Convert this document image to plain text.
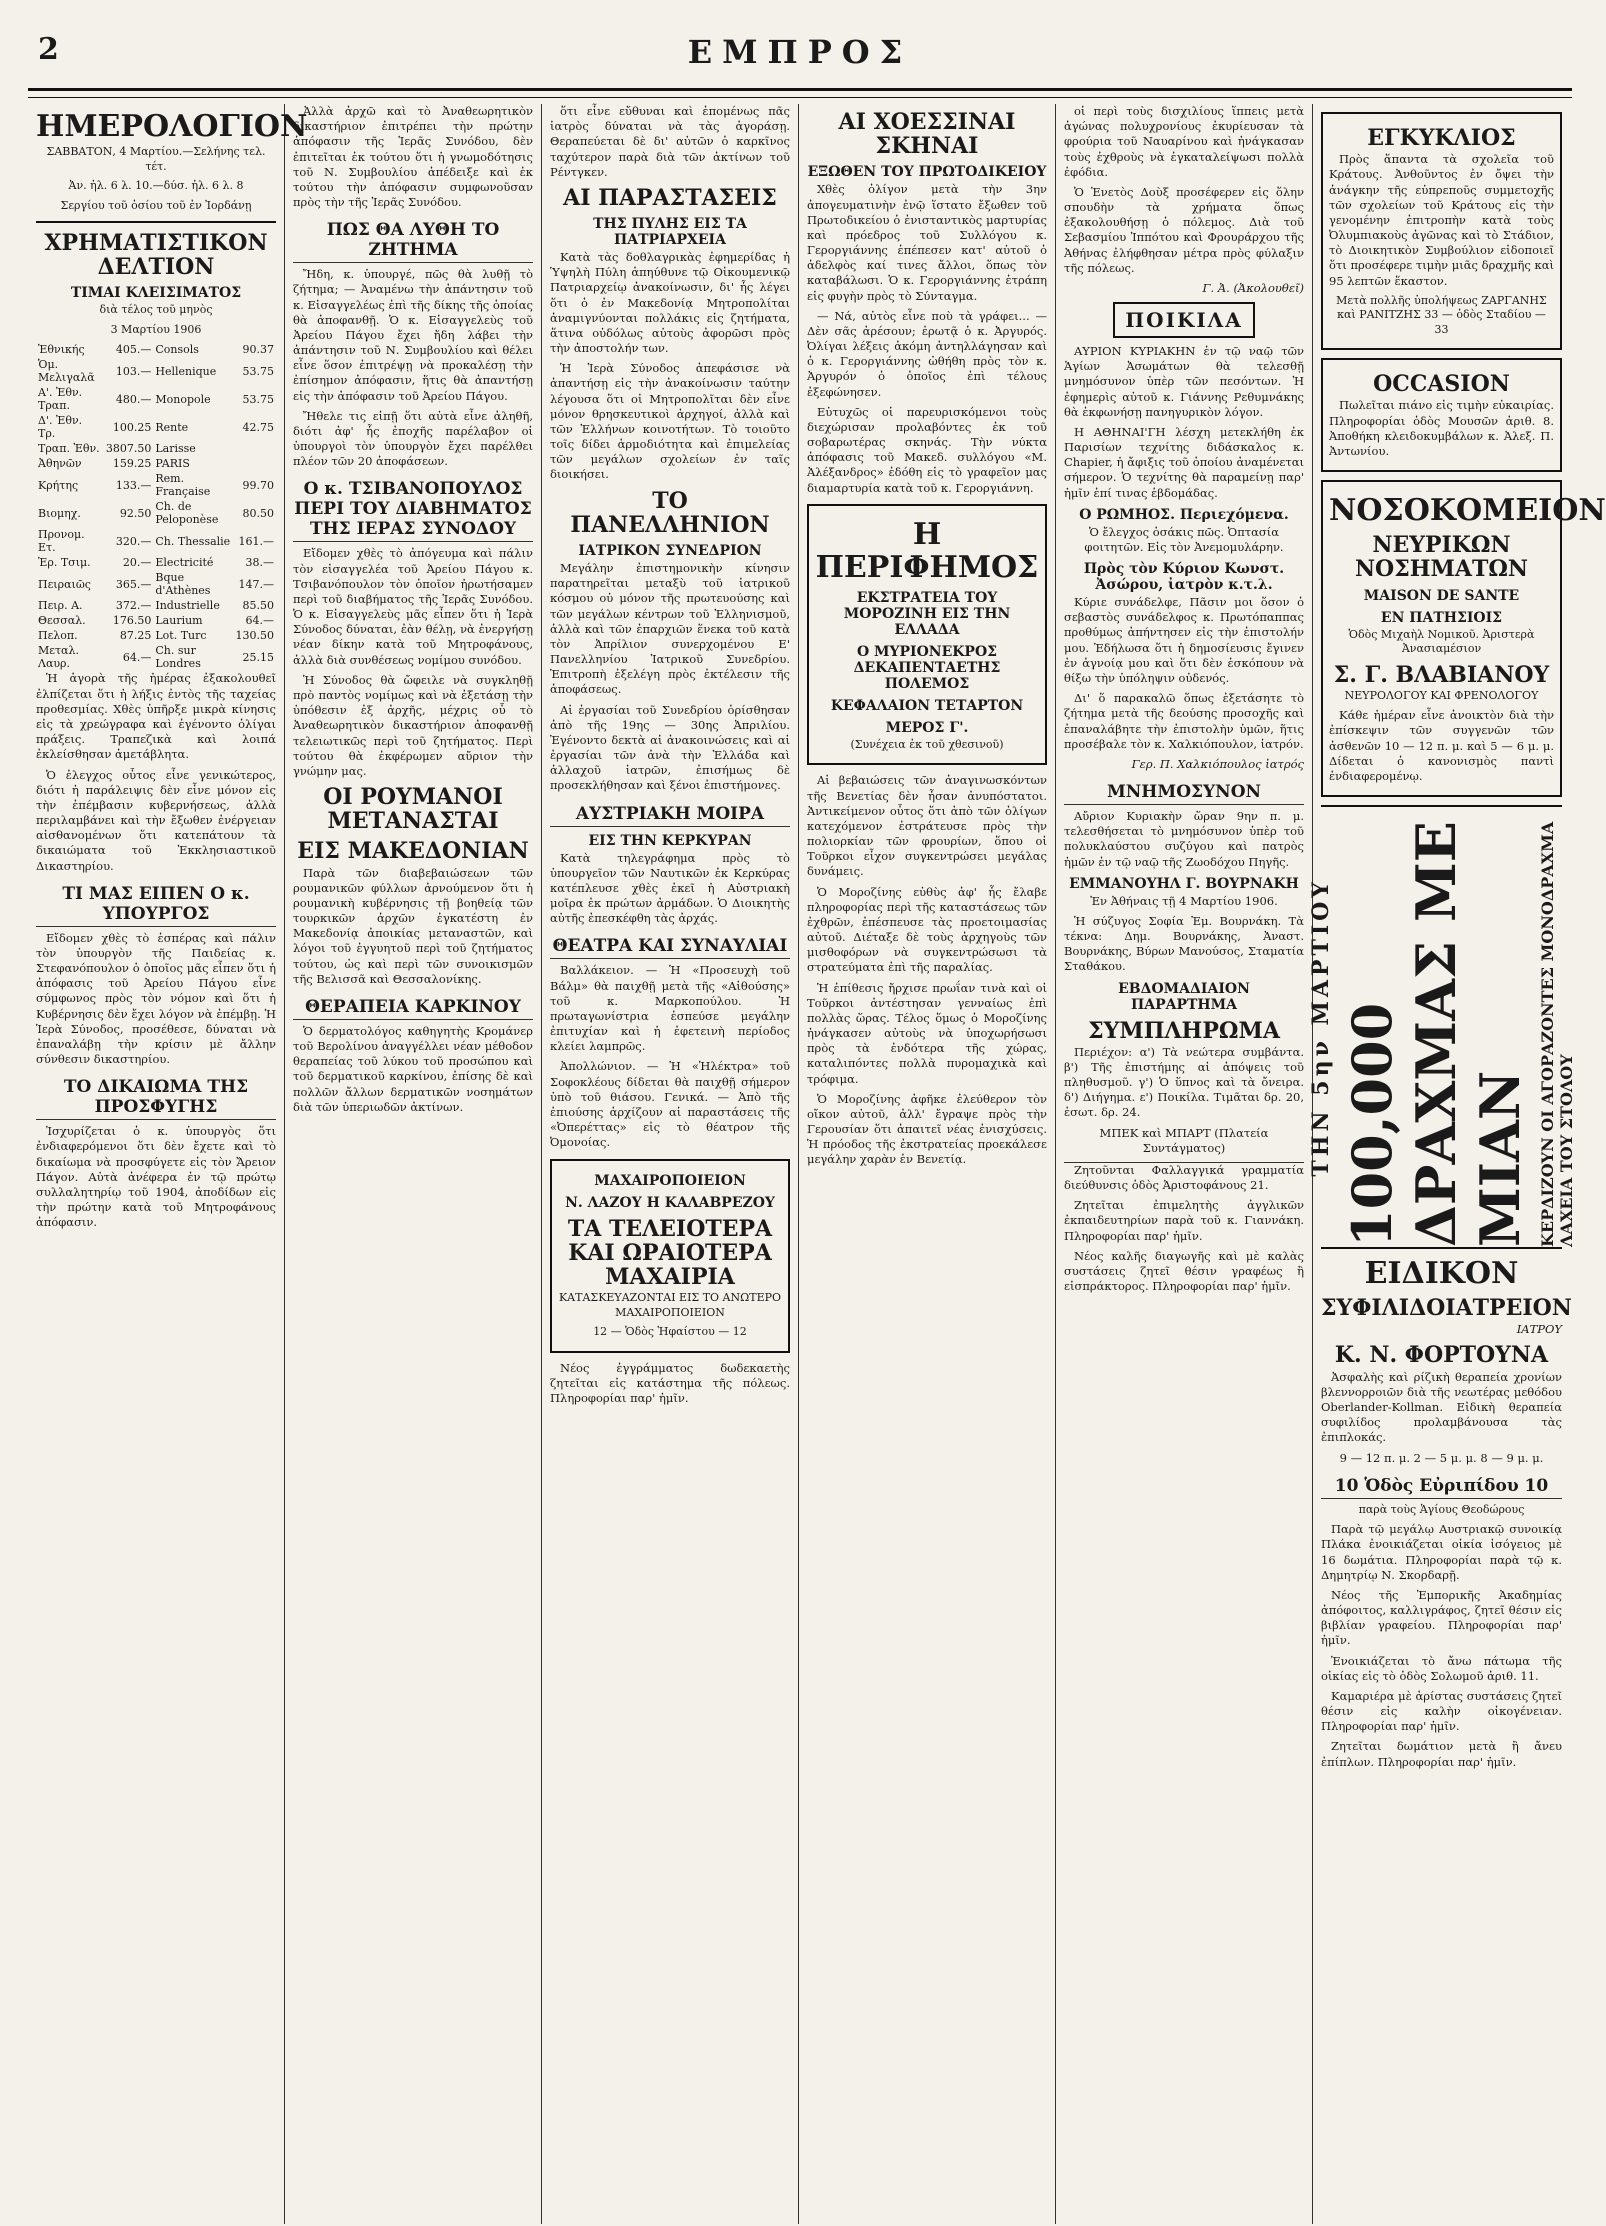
2	ΕΜΠΡΟΣ
ΗΜΕΡΟΛΟΓΙΟΝ

ΣΑΒΒΑΤΟΝ, 4 Μαρτίου.—Σελήνης τελ. τέτ.

Ἀν. ἡλ. 6 λ. 10.—δύσ. ἡλ. 6 λ. 8

Σεργίου τοῦ ὁσίου τοῦ ἐν Ἰορδάνῃ

ΧΡΗΜΑΤΙΣΤΙΚΟΝ ΔΕΛΤΙΟΝ
ΤΙΜΑΙ ΚΛΕΙΣΙΜΑΤΟΣ

διὰ τέλος τοῦ μηνὸς

3 Μαρτίου 1906

Ἐθνικής	405.—	Consols	90.37
Ὁμ. Μελιγαλᾶ	103.—	Hellenique	53.75
Α'. Ἐθν. Τραπ.	480.—	Monopole	53.75
Δ'. Ἐθν. Τρ.	100.25	Rente	42.75
Τραπ. Ἐθν.	3807.50	Larisse	
Ἀθηνῶν	159.25	PARIS	
Κρήτης	133.—	Rem. Française	99.70
Βιομηχ.	92.50	Ch. de Peloponèse	80.50
Προνομ. Ετ.	320.—	Ch. Thessalie	161.—
Ἐρ. Τσιμ.	20.—	Electricité	38.—
Πειραιῶς	365.—	Bque d'Athènes	147.—
Πειρ. Α.	372.—	Industrielle	85.50
Θεσσαλ.	176.50	Laurium	64.—
Πελοπ.	87.25	Lot. Turc	130.50
Μεταλ. Λαυρ.	64.—	Ch. sur Londres	25.15

Ἡ ἀγορὰ τῆς ἡμέρας ἐξακολουθεῖ ἐλπίζεται ὅτι ἡ λήξις ἐντὸς τῆς ταχείας προθεσμίας. Χθὲς ὑπῆρξε μικρὰ κίνησις εἰς τὰ χρεώγραφα καὶ ἐγένοντο ὀλίγαι πράξεις. Τραπεζικὰ καὶ λοιπά ἐκλείσθησαν ἀμετάβλητα.

Ὁ ἐλεγχος οὗτος εἶνε γενικώτερος, διότι ἡ παράλειψις δὲν εἶνε μόνον εἰς τὴν ἐπέμβασιν κυβερνήσεως, ἀλλὰ περιλαμβάνει καὶ τὴν ἔξωθεν ἐνέργειαν αἰσθανομένων ὅτι κατεπάτουν τὰ δικαιώματα τοῦ Ἐκκλησιαστικοῦ Δικαστηρίου.

ΤΙ ΜΑΣ ΕΙΠΕΝ Ο κ. ΥΠΟΥΡΓΟΣ

Εἴδομεν χθὲς τὸ ἑσπέρας καὶ πάλιν τὸν ὑπουργὸν τῆς Παιδείας κ. Στεφανόπουλον ὁ ὁποῖος μᾶς εἶπεν ὅτι ἡ ἀπόφασις τοῦ Ἀρείου Πάγου εἶνε σύμφωνος πρὸς τὸν νόμον καὶ ὅτι ἡ Κυβέρνησις δὲν ἔχει λόγον νὰ ἐπέμβῃ. Ἡ Ἱερὰ Σύνοδος, προσέθεσε, δύναται νὰ ἐπαναλάβῃ τὴν κρίσιν μὲ ἄλλην σύνθεσιν δικαστηρίου.

ΤΟ ΔΙΚΑΙΩΜΑ ΤΗΣ ΠΡΟΣΦΥΓΗΣ

Ἰσχυρίζεται ὁ κ. ὑπουργὸς ὅτι ἐνδιαφερόμενοι ὅτι δὲν ἔχετε καὶ τὸ δικαίωμα νὰ προσφύγετε εἰς τὸν Ἄρειον Πάγον. Αὐτὰ ἀνέφερα ἐν τῷ πρώτῳ συλλαλητηρίῳ τοῦ 1904, ἀποδίδων εἰς τὴν πρώτην κατὰ τοῦ Μητροφάνους ἀπόφασιν.

Ἀλλὰ ἀρχῶ καὶ τὸ Ἀναθεωρητικὸν δικαστήριον ἐπιτρέπει τὴν πρώτην ἀπόφασιν τῆς Ἱερᾶς Συνόδου, δὲν ἐπιτεῖται ἐκ τούτου ὅτι ἡ γνωμοδότησις τοῦ Ν. Συμβουλίου ἀπέδειξε καὶ ἐκ τούτου τὴν ἀπόφασιν συμφωνοῦσαν πρὸς τὴν τῆς Ἱερᾶς Συνόδου.

ΠΩΣ ΘΑ ΛΥΘΗ ΤΟ ΖΗΤΗΜΑ

Ἤδη, κ. ὑπουργέ, πῶς θὰ λυθῇ τὸ ζήτημα; — Ἀναμένω τὴν ἀπάντησιν τοῦ κ. Εἰσαγγελέως ἐπὶ τῆς δίκης τῆς ὁποίας θὰ ἀποφανθῇ. Ὁ κ. Εἰσαγγελεὺς τοῦ Ἀρείου Πάγου ἔχει ἤδη λάβει τὴν ἀπάντησιν τοῦ Ν. Συμβουλίου καὶ θέλει εἶνε ὅσον ἐπιτρέψῃ νὰ προκαλέσῃ τὴν ἐπίσημον ἀπόφασιν, ἥτις θὰ ἀπαντήσῃ εἰς τὴν ἀπόφασιν τοῦ Ἀρείου Πάγου.

Ἤθελε τις εἰπῇ ὅτι αὐτὰ εἶνε ἀληθῆ, διότι ἀφ' ἧς ἐποχῆς παρέλαβον οἱ ὑπουργοὶ τὸν ὑπουργὸν ἔχει παρέλθει πλέον τῶν 20 ἀποφάσεων.

Ο κ. ΤΣΙΒΑΝΟΠΟΥΛΟΣ ΠΕΡΙ ΤΟΥ ΔΙΑΒΗΜΑΤΟΣ ΤΗΣ ΙΕΡΑΣ ΣΥΝΟΔΟΥ

Εἴδομεν χθὲς τὸ ἀπόγευμα καὶ πάλιν τὸν εἰσαγγελέα τοῦ Ἀρείου Πάγου κ. Τσιβανόπουλον τὸν ὁποῖον ἠρωτήσαμεν περὶ τοῦ διαβήματος τῆς Ἱερᾶς Συνόδου. Ὁ κ. Εἰσαγγελεὺς μᾶς εἶπεν ὅτι ἡ Ἱερὰ Σύνοδος δύναται, ἐὰν θέλῃ, νὰ ἐνεργήσῃ νέαν δίκην κατὰ τοῦ Μητροφάνους, ἀλλὰ διὰ συνθέσεως νομίμου συνόδου.

Ἡ Σύνοδος θὰ ὤφειλε νὰ συγκληθῇ πρὸ παντὸς νομίμως καὶ νὰ ἐξετάσῃ τὴν ὑπόθεσιν ἐξ ἀρχῆς, μέχρις οὗ τὸ Ἀναθεωρητικὸν δικαστήριον ἀποφανθῇ τελειωτικῶς περὶ τοῦ ζητήματος. Περὶ τούτου θὰ ἐκφέρωμεν αὔριον τὴν γνώμην μας.

ΟΙ ΡΟΥΜΑΝΟΙ ΜΕΤΑΝΑΣΤΑΙ
ΕΙΣ ΜΑΚΕΔΟΝΙΑΝ

Παρὰ τῶν διαβεβαιώσεων τῶν ρουμανικῶν φύλλων ἀρνούμενον ὅτι ἡ ρουμανικὴ κυβέρνησις τῇ βοηθείᾳ τῶν τουρκικῶν ἀρχῶν ἐγκατέστη ἐν Μακεδονίᾳ ἀποικίας μεταναστῶν, καὶ λόγοι τοῦ ἐγγυητοῦ περὶ τοῦ ζητήματος τούτου, ὡς καὶ περὶ τῶν συνοικισμῶν τῆς Βελισσᾶ καὶ Θεσσαλονίκης.

ΘΕΡΑΠΕΙΑ ΚΑΡΚΙΝΟΥ

Ὁ δερματολόγος καθηγητὴς Κρομάνερ τοῦ Βερολίνου ἀναγγέλλει νέαν μέθοδον θεραπείας τοῦ λύκου τοῦ προσώπου καὶ τοῦ δερματικοῦ καρκίνου, ἐπίσης δὲ καὶ πολλῶν ἄλλων δερματικῶν νοσημάτων διὰ τῶν ὑπεριωδῶν ἀκτίνων.

ὅτι εἶνε εὔθυναι καὶ ἐπομένως πᾶς ἰατρὸς δύναται νὰ τὰς ἀγοράσῃ. Θεραπεύεται δὲ δι' αὐτῶν ὁ καρκῖνος ταχύτερον παρὰ διὰ τῶν ἀκτίνων τοῦ Ρέντγκεν.

ΑΙ ΠΑΡΑΣΤΑΣΕΙΣ
ΤΗΣ ΠΥΛΗΣ ΕΙΣ ΤΑ ΠΑΤΡΙΑΡΧΕΙΑ

Κατὰ τὰς δοθλαγρικὰς ἐφημερίδας ἡ Ὑψηλὴ Πύλη ἀπηύθυνε τῷ Οἰκουμενικῷ Πατριαρχείῳ ἀνακοίνωσιν, δι' ἧς λέγει ὅτι ὁ ἐν Μακεδονίᾳ Μητροπολίται ἀναμιγνύονται πολλάκις εἰς ζητήματα, ἅτινα οὐδόλως αὐτοὺς ἀφορῶσι πρὸς τὴν ἀποστολήν των.

Ἡ Ἱερὰ Σύνοδος ἀπεφάσισε νὰ ἀπαντήσῃ εἰς τὴν ἀνακοίνωσιν ταύτην λέγουσα ὅτι οἱ Μητροπολῖται δὲν εἶνε μόνον θρησκευτικοὶ ἀρχηγοί, ἀλλὰ καὶ τῶν Ἑλλήνων κοινοτήτων. Τὸ τοιοῦτο τοῖς δίδει ἁρμοδιότητα καὶ ἐπιμελείας τῶν μεγάλων σχολείων ἐν ταῖς διοικήσει.

ΤΟ ΠΑΝΕΛΛΗΝΙΟΝ
ΙΑΤΡΙΚΟΝ ΣΥΝΕΔΡΙΟΝ

Μεγάλην ἐπιστημονικὴν κίνησιν παρατηρεῖται μεταξὺ τοῦ ἰατρικοῦ κόσμου οὐ μόνον τῆς πρωτευούσης καὶ τῶν μεγάλων κέντρων τοῦ Ἑλληνισμοῦ, ἀλλὰ καὶ τῶν ἐπαρχιῶν ἕνεκα τοῦ κατὰ τὸν Ἀπρίλιον συνερχομένου Ε' Πανελληνίου Ἰατρικοῦ Συνεδρίου. Ἐπιτροπὴ ἐξελέγη πρὸς ἐκτέλεσιν τῆς ἀποφάσεως.

Αἱ ἐργασίαι τοῦ Συνεδρίου ὁρίσθησαν ἀπὸ τῆς 19ης — 30ης Ἀπριλίου. Ἐγένοντο δεκτὰ αἱ ἀνακοινώσεις καὶ αἱ ἐργασίαι τῶν ἀνὰ τὴν Ἑλλάδα καὶ ἀλλαχοῦ ἰατρῶν, ἐπισήμως δὲ προσεκλήθησαν καὶ ξένοι ἐπιστήμονες.

ΑΥΣΤΡΙΑΚΗ ΜΟΙΡΑ
ΕΙΣ ΤΗΝ ΚΕΡΚΥΡΑΝ

Κατὰ τηλεγράφημα πρὸς τὸ ὑπουργεῖον τῶν Ναυτικῶν ἐκ Κερκύρας κατέπλευσε χθὲς ἐκεῖ ἡ Αὐστριακὴ μοῖρα ἐκ πρώτων ἀρμάδων. Ὁ Διοικητὴς αὐτῆς ἐπεσκέφθη τὰς ἀρχάς.

ΘΕΑΤΡΑ ΚΑΙ ΣΥΝΑΥΛΙΑΙ

Βαλλάκειον. — Ἡ «Προσευχὴ τοῦ Βάλμ» θὰ παιχθῇ μετὰ τῆς «Αἰθούσης» τοῦ κ. Μαρκοπούλου. Ἡ πρωταγωνίστρια ἐσπεύσε μεγάλην ἐπιτυχίαν καὶ ἡ ἐφετεινὴ περίοδος κλείει λαμπρῶς.

Ἀπολλώνιον. — Ἡ «Ἠλέκτρα» τοῦ Σοφοκλέους δίδεται θὰ παιχθῇ σήμερον ὑπὸ τοῦ θιάσου. Γενικά. — Ἀπὸ τῆς ἐπιούσης ἀρχίζουν αἱ παραστάσεις τῆς «Ὀπερέττας» εἰς τὸ θέατρον τῆς Ὀμονοίας.

ΜΑΧΑΙΡΟΠΟΙΕΙΟΝ
Ν. ΛΑΖΟΥ Η ΚΑΛΑΒΡΕΖΟΥ
ΤΑ ΤΕΛΕΙΟΤΕΡΑ ΚΑΙ ΩΡΑΙΟΤΕΡΑ ΜΑΧΑΙΡΙΑ

ΚΑΤΑΣΚΕΥΑΖΟΝΤΑΙ ΕΙΣ ΤΟ ΑΝΩΤΕΡΟ ΜΑΧΑΙΡΟΠΟΙΕΙΟΝ

12 — Ὁδὸς Ἡφαίστου — 12

Νέος ἐγγράμματος δωδεκαετὴς ζητεῖται εἰς κατάστημα τῆς πόλεως. Πληροφορίαι παρ' ἡμῖν.

ΑΙ ΧΟΕΣΣΙΝΑΙ ΣΚΗΝΑΙ
ΕΞΩΘΕΝ ΤΟΥ ΠΡΩΤΟΔΙΚΕΙΟΥ

Χθὲς ὀλίγον μετὰ τὴν 3ην ἀπογευματινὴν ἐνῷ ἵστατο ἔξωθεν τοῦ Πρωτοδικείου ὁ ἐνισταντικὸς μαρτυρίας καὶ πρόεδρος τοῦ Συλλόγου κ. Γεροργιάννης ἐπέπεσεν κατ' αὐτοῦ ὁ ἀδελφὸς καί τινες ἄλλοι, ὅπως τὸν καταβάλωσι. Ὁ κ. Γεροργιάννης ἐτράπη εἰς φυγὴν πρὸς τὸ Σύνταγμα.

— Νά, αὐτὸς εἶνε ποὺ τὰ γράφει... — Δὲν σᾶς ἀρέσουν; ἐρωτᾷ ὁ κ. Ἀργυρός. Ὀλίγαι λέξεις ἀκόμη ἀντηλλάγησαν καὶ ὁ κ. Γεροργιάννης ὠθήθη πρὸς τὸν κ. Ἀργυρόν ὁ ὁποῖος ἐπὶ τέλους ἐξεφώνησεν.

Εὐτυχῶς οἱ παρευρισκόμενοι τοὺς διεχώρισαν προλαβόντες ἐκ τοῦ σοβαρωτέρας σκηνάς. Τὴν νύκτα ἀπόφασις τοῦ Μακεδ. συλλόγου «Μ. Ἀλέξανδρος» ἐδόθη εἰς τὸ γραφεῖον μας διαμαρτυρία κατὰ τοῦ κ. Γεροργιάννη.

Η ΠΕΡΙΦΗΜΟΣ
ΕΚΣΤΡΑΤΕΙΑ ΤΟΥ ΜΟΡΟΖΙΝΗ ΕΙΣ ΤΗΝ ΕΛΛΑΔΑ
Ο ΜΥΡΙΟΝΕΚΡΟΣ ΔΕΚΑΠΕΝΤΑΕΤΗΣ ΠΟΛΕΜΟΣ
ΚΕΦΑΛΑΙΟΝ ΤΕΤΑΡΤΟΝ
ΜΕΡΟΣ Γ'.

(Συνέχεια ἐκ τοῦ χθεσινοῦ)

Αἱ βεβαιώσεις τῶν ἀναγινωσκόντων τῆς Βενετίας δὲν ἦσαν ἀνυπόστατοι. Ἀντικείμενον οὗτος ὅτι ἀπὸ τῶν ὀλίγων κατεχόμενον ἐστράτευσε πρὸς τὴν πολιορκίαν τῶν φρουρίων, ὅπου οἱ Τοῦρκοι εἶχον συγκεντρώσει μεγάλας δυνάμεις.

Ὁ Μοροζίνης εὐθὺς ἀφ' ἧς ἔλαβε πληροφορίας περὶ τῆς καταστάσεως τῶν ἐχθρῶν, ἐπέσπευσε τὰς προετοιμασίας αὐτοῦ. Διέταξε δὲ τοὺς ἀρχηγοὺς τῶν μισθοφόρων νὰ συγκεντρώσωσι τὰ στρατεύματα ἐπὶ τῆς παραλίας.

Ἡ ἐπίθεσις ἤρχισε πρωΐαν τινὰ καὶ οἱ Τοῦρκοι ἀντέστησαν γενναίως ἐπὶ πολλὰς ὥρας. Τέλος ὅμως ὁ Μοροζίνης ἠνάγκασεν αὐτοὺς νὰ ὑποχωρήσωσι πρὸς τὰ ἐνδότερα τῆς χώρας, καταλιπόντες πολλὰ πυρομαχικὰ καὶ τρόφιμα.

Ὁ Μοροζίνης ἀφῆκε ἐλεύθερον τὸν οἴκον αὐτοῦ, ἀλλ' ἔγραψε πρὸς τὴν Γερουσίαν ὅτι ἀπαιτεῖ νέας ἐνισχύσεις. Ἡ πρόοδος τῆς ἐκστρατείας προεκάλεσε μεγάλην χαρὰν ἐν Βενετίᾳ.

οἱ περὶ τοὺς δισχιλίους ἵππεις μετὰ ἀγώνας πολυχρονίους ἐκυρίευσαν τὰ φρούρια τοῦ Ναυαρίνου καὶ ἠνάγκασαν τοὺς ἐχθροὺς νὰ ἐγκαταλείψωσι πολλὰ ἐφόδια.

Ὁ Ἐνετὸς Δοὺξ προσέφερεν εἰς ὅλην σπουδὴν τὰ χρήματα ὅπως ἐξακολουθήσῃ ὁ πόλεμος. Διὰ τοῦ Σεβασμίου Ἱππότου καὶ Φρουράρχου τῆς Ἀθήνας ἐλήφθησαν μέτρα πρὸς φύλαξιν τῆς πόλεως.

Γ. Ἀ. (Ἀκολουθεῖ)

ΠΟΙΚΙΛΑ

ΑΥΡΙΟΝ ΚΥΡΙΑΚΗΝ ἐν τῷ ναῷ τῶν Ἁγίων Ἀσωμάτων θὰ τελεσθῇ μνημόσυνον ὑπὲρ τῶν πεσόντων. Ἡ ἐφημερὶς αὐτοῦ κ. Γιάννης Ρεθυμνάκης θὰ ἐκφωνήσῃ πανηγυρικὸν λόγον.

Η ΑΘΗΝΑΙ'ΓΗ λέσχη μετεκλήθη ἐκ Παρισίων τεχνίτης διδάσκαλος κ. Chapier, ἡ ἄφιξις τοῦ ὁποίου ἀναμένεται σήμερον. Ὁ τεχνίτης θὰ παραμείνῃ παρ' ἡμῖν ἐπί τινας ἑβδομάδας.

Ο ΡΩΜΗΟΣ. Περιεχόμενα.

Ὁ ἔλεγχος ὁσάκις πῶς. Ὀπτασία φοιτητῶν. Εἰς τὸν Ἀνεμομυλάρην.

Πρὸς τὸν Κύριον Κωνστ. Ἀσώρου, ἰατρὸν κ.τ.λ.

Κύριε συνάδελφε, Πᾶσιν μοι ὅσον ὁ σεβαστὸς συνάδελφος κ. Πρωτόπαππας προθύμως ἀπήντησεν εἰς τὴν ἐπιστολήν μου. Ἐδήλωσα ὅτι ἡ δημοσίευσις ἔγινεν ἐν ἀγνοίᾳ μου καὶ ὅτι δὲν ἐσκόπουν νὰ θίξω τὴν ὑπόληψιν οὐδενός.

Δι' ὅ παρακαλῶ ὅπως ἐξετάσητε τὸ ζήτημα μετὰ τῆς δεούσης προσοχῆς καὶ ἐπαναλάβητε τὴν ἐπιστολὴν ὑμῶν, ἥτις προσέβαλε τὸν κ. Χαλκιόπουλον, ἰατρόν.

Γερ. Π. Χαλκιόπουλος ἰατρός

ΜΝΗΜΟΣΥΝΟΝ

Αὔριον Κυριακὴν ὥραν 9ην π. μ. τελεσθήσεται τὸ μνημόσυνον ὑπὲρ τοῦ πολυκλαύστου συζύγου καὶ πατρὸς ἡμῶν ἐν τῷ ναῷ τῆς Ζωοδόχου Πηγῆς.

ΕΜΜΑΝΟΥΗΛ Γ. ΒΟΥΡΝΑΚΗ

Ἐν Ἀθήναις τῇ 4 Μαρτίου 1906.

Ἡ σύζυγος Σοφία Ἐμ. Βουρνάκη. Τὰ τέκνα: Δημ. Βουρνάκης, Ἀναστ. Βουρνάκης, Βύρων Μανούσος, Σταματία Σταθάκου.

ΕΒΔΟΜΑΔΙΑΙΟΝ ΠΑΡΑΡΤΗΜΑ
ΣΥΜΠΛΗΡΩΜΑ

Περιέχον: α') Τὰ νεώτερα συμβάντα. β') Τῆς ἐπιστήμης αἱ ἀπόψεις τοῦ πληθυσμοῦ. γ') Ὁ ὕπνος καὶ τὰ ὄνειρα. δ') Διήγημα. ε') Ποικίλα. Τιμᾶται δρ. 20, ἐσωτ. δρ. 24.

ΜΠΕΚ καὶ ΜΠΑΡΤ (Πλατεία Συντάγματος)

Ζητοῦνται Φαλλαγγικά γραμματία διεύθυνσις ὁδὸς Ἀριστοφάνους 21.

Ζητεῖται ἐπιμελητὴς ἀγγλικῶν ἐκπαιδευτηρίων παρὰ τοῦ κ. Γιαννάκη. Πληροφορίαι παρ' ἡμῖν.

Νέος καλῆς διαγωγῆς καὶ μὲ καλὰς συστάσεις ζητεῖ θέσιν γραφέως ἢ εἰσπράκτορος. Πληροφορίαι παρ' ἡμῖν.

ΕΓΚΥΚΛΙΟΣ

Πρὸς ἅπαντα τὰ σχολεῖα τοῦ Κράτους. Ἀνθοῦντος ἐν ὄψει τὴν ἀνάγκην τῆς εὐπρεποῦς συμμετοχῆς τῶν σχολείων τοῦ Κράτους εἰς τὴν γενομένην ἐπιτροπὴν κατὰ τοὺς Ὀλυμπιακοὺς ἀγῶνας καὶ τὸ Στάδιον, τὸ Διοικητικὸν Συμβούλιον εἰδοποιεῖ ὅτι προσέφερε τιμὴν μιᾶς δραχμῆς καὶ 95 λεπτῶν ἕκαστον.

Μετὰ πολλῆς ὑπολήψεως ΖΑΡΓΑΝΗΣ καὶ ΡΑΝΙΤΖΗΣ 33 — ὁδὸς Σταδίου — 33

OCCASION

Πωλεῖται πιάνο εἰς τιμὴν εὐκαιρίας. Πληροφορίαι ὁδὸς Μουσῶν ἀριθ. 8. Ἀποθήκη κλειδοκυμβάλων κ. Ἀλεξ. Π. Ἀντωνίου.

ΝΟΣΟΚΟΜΕΙΟΝ
ΝΕΥΡΙΚΩΝ ΝΟΣΗΜΑΤΩΝ
MAISON DE SANTE
ΕΝ ΠΑΤΗΣΙΟΙΣ

Ὁδὸς Μιχαὴλ Νομικοῦ. Ἀριστερὰ Ἀνασιαμέσιον

Σ. Γ. ΒΛΑΒΙΑΝΟΥ

ΝΕΥΡΟΛΟΓΟΥ ΚΑΙ ΦΡΕΝΟΛΟΓΟΥ

Κάθε ἡμέραν εἶνε ἀνοικτὸν διὰ τὴν ἐπίσκεψιν τῶν συγγενῶν τῶν ἀσθενῶν 10 — 12 π. μ. καὶ 5 — 6 μ. μ. Δίδεται ὁ κανονισμὸς παντὶ ἐνδιαφερομένῳ.

ΤΗΝ 5ην ΜΑΡΤΙΟΥ 100,000 ΔΡΑΧΜΑΣ ΜΕ ΜΙΑΝ ΚΕΡΔΙΖΟΥΝ ΟΙ ΑΓΟΡΑΖΟΝΤΕΣ ΜΟΝΟΔΡΑΧΜΑ ΛΑΧΕΙΑ ΤΟΥ ΣΤΟΛΟΥ
ΕΙΔΙΚΟΝ
ΣΥΦΙΛΙΔΟΙΑΤΡΕΙΟΝ

ΙΑΤΡΟΥ

Κ. Ν. ΦΟΡΤΟΥΝΑ

Ἀσφαλὴς καὶ ρίζικὴ θεραπεία χρονίων βλεννορροιῶν διὰ τῆς νεωτέρας μεθόδου Oberlander-Kollman. Εἰδικὴ θεραπεία συφιλίδος προλαμβάνουσα τὰς ἐπιπλοκάς.

9 — 12 π. μ. 2 — 5 μ. μ. 8 — 9 μ. μ.

10 Ὁδὸς Εὐριπίδου 10

παρὰ τοὺς Ἁγίους Θεοδώρους

Παρὰ τῷ μεγάλῳ Αυστριακῷ συνοικίᾳ Πλάκα ἐνοικιάζεται οἰκία ἰσόγειος μὲ 16 δωμάτια. Πληροφορίαι παρὰ τῷ κ. Δημητρίῳ Ν. Σκορδαρῇ.

Νέος τῆς Ἐμπορικῆς Ἀκαδημίας ἀπόφοιτος, καλλιγράφος, ζητεῖ θέσιν εἰς βιβλίαν γραφείου. Πληροφορίαι παρ' ἡμῖν.

Ἐνοικιάζεται τὸ ἄνω πάτωμα τῆς οἰκίας εἰς τὸ ὁδὸς Σολωμοῦ ἀριθ. 11.

Καμαριέρα μὲ ἀρίστας συστάσεις ζητεῖ θέσιν εἰς καλὴν οἰκογένειαν. Πληροφορίαι παρ' ἡμῖν.

Ζητεῖται δωμάτιον μετὰ ἢ ἄνευ ἐπίπλων. Πληροφορίαι παρ' ἡμῖν.
